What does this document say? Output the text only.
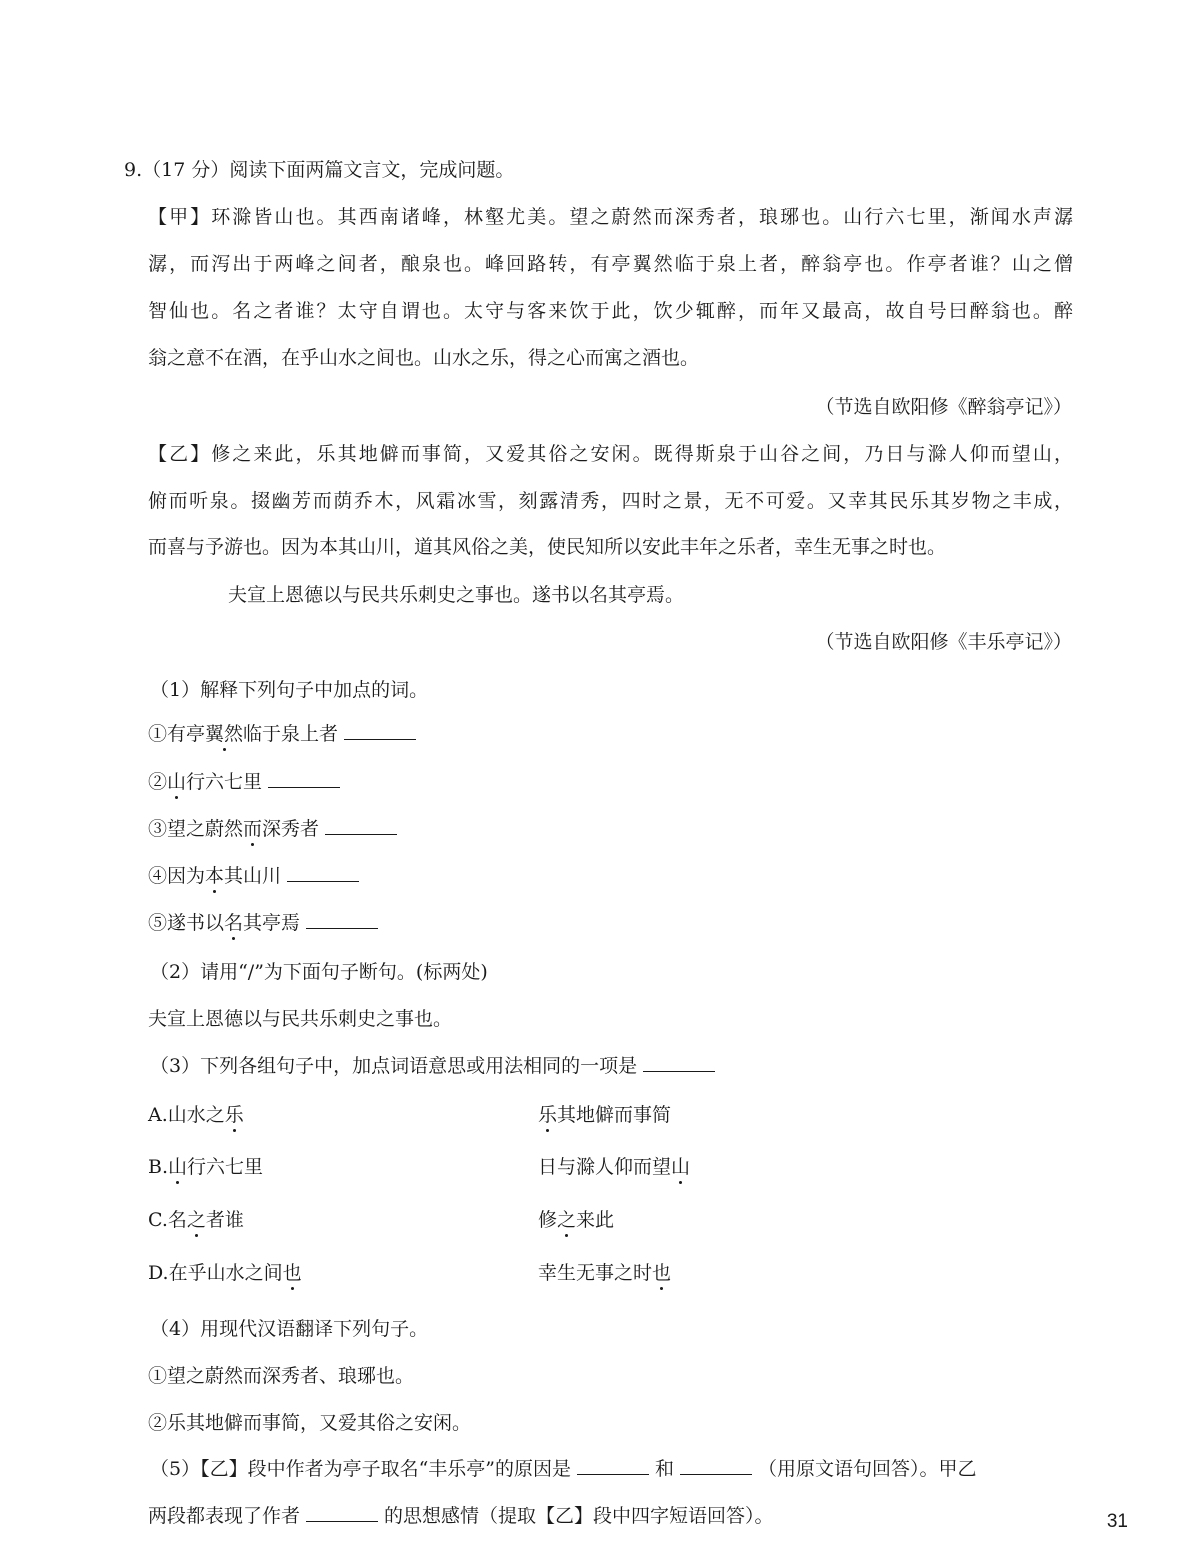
9.（17 分）阅读下面两篇文言文，完成问题。
【甲】环滁皆山也。其西南诸峰，林壑尤美。望之蔚然而深秀者，琅琊也。山行六七里，渐闻水声潺
潺，而泻出于两峰之间者，酿泉也。峰回路转，有亭翼然临于泉上者，醉翁亭也。作亭者谁？山之僧
智仙也。名之者谁？太守自谓也。太守与客来饮于此，饮少辄醉，而年又最高，故自号曰醉翁也。醉
翁之意不在酒，在乎山水之间也。山水之乐，得之心而寓之酒也。
（节选自欧阳修《醉翁亭记》）
【乙】修之来此，乐其地僻而事简，又爱其俗之安闲。既得斯泉于山谷之间，乃日与滁人仰而望山，
俯而听泉。掇幽芳而荫乔木，风霜冰雪，刻露清秀，四时之景，无不可爱。又幸其民乐其岁物之丰成，
而喜与予游也。因为本其山川，道其风俗之美，使民知所以安此丰年之乐者，幸生无事之时也。
夫宣上恩德以与民共乐刺史之事也。遂书以名其亭焉。
（节选自欧阳修《丰乐亭记》）
（1）解释下列句子中加点的词。
①有亭翼然临于泉上者
②山行六七里
③望之蔚然而深秀者
④因为本其山川
⑤遂书以名其亭焉
（2）请用“/”为下面句子断句。(标两处)
夫宣上恩德以与民共乐刺史之事也。
（3）下列各组句子中，加点词语意思或用法相同的一项是
A.山水之乐	乐其地僻而事简
B.山行六七里	日与滁人仰而望山
C.名之者谁	修之来此
D.在乎山水之间也	幸生无事之时也
（4）用现代汉语翻译下列句子。
①望之蔚然而深秀者、琅琊也。
②乐其地僻而事简，又爱其俗之安闲。
（5）【乙】段中作者为亭子取名“丰乐亭”的原因是	和	（用原文语句回答）。甲乙
两段都表现了作者	的思想感情（提取【乙】段中四字短语回答）。	31
